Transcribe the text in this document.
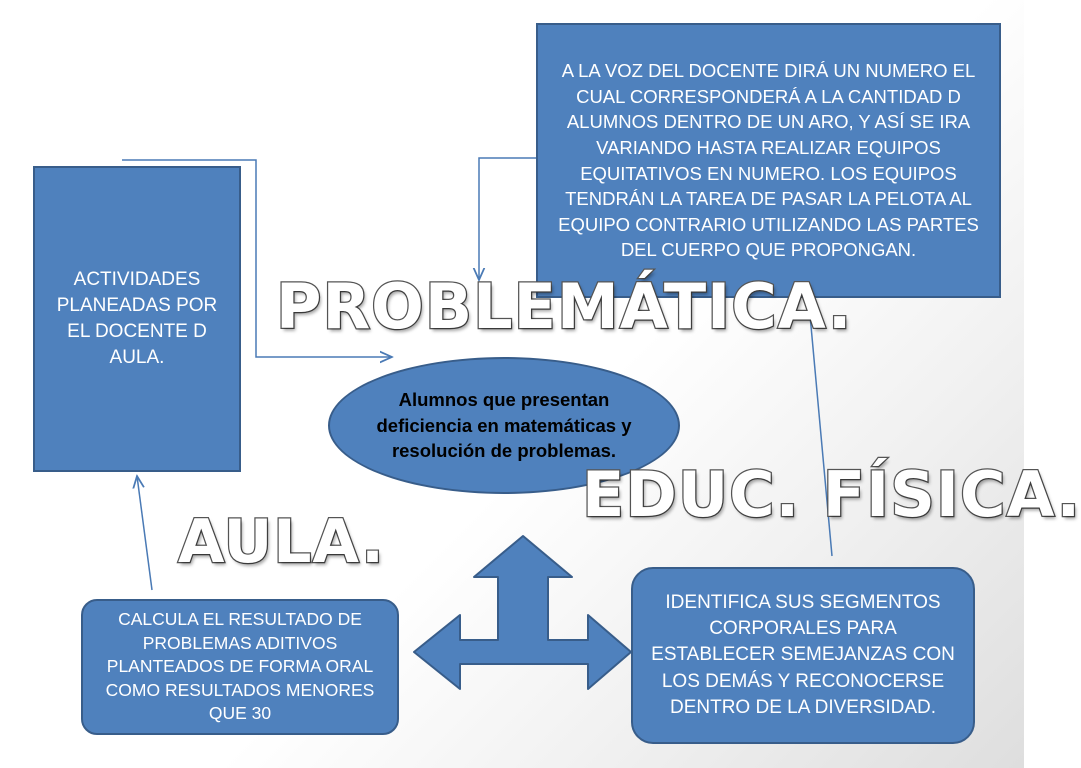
ACTIVIDADES PLANEADAS POR EL DOCENTE D AULA.
A LA VOZ DEL DOCENTE DIRÁ UN NUMERO EL CUAL CORRESPONDERÁ A LA CANTIDAD D ALUMNOS DENTRO DE UN ARO, Y ASÍ SE IRA VARIANDO HASTA REALIZAR EQUIPOS EQUITATIVOS EN NUMERO. LOS EQUIPOS TENDRÁN LA TAREA DE PASAR LA PELOTA AL EQUIPO CONTRARIO UTILIZANDO LAS PARTES DEL CUERPO QUE PROPONGAN.
Alumnos que presentan deficiencia en matemáticas y resolución de problemas.
CALCULA EL RESULTADO DE PROBLEMAS ADITIVOS PLANTEADOS DE FORMA ORAL COMO RESULTADOS MENORES QUE 30
IDENTIFICA SUS SEGMENTOS CORPORALES PARA ESTABLECER SEMEJANZAS CON LOS DEMÁS Y RECONOCERSE DENTRO DE LA DIVERSIDAD.
PROBLEMÁTICA.
EDUC. FÍSICA.
AULA.
